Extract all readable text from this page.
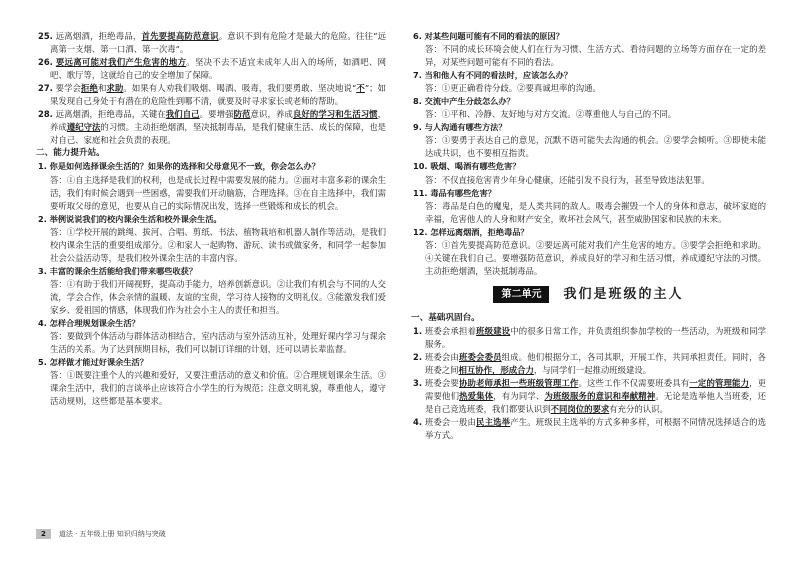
25. 远离烟酒，拒绝毒品，首先要提高防范意识。意识不到有危险才是最大的危险。往往“远离第一支烟、第一口酒、第一次毒”。

26. 要远离可能对我们产生危害的地方。坚决不去不适宜未成年人出入的场所，如酒吧、网吧、歌厅等，这就给自己的安全增加了保障。

27. 要学会拒绝和求助。如果有人劝我们吸烟、喝酒、吸毒，我们要勇敢、坚决地说“不”；如果发现自己身处于有潜在的危险性到哪不清，就要及时寻求家长或老师的帮助。

28. 远离烟酒，拒绝毒品，关键在我们自己。要增强防范意识，养成良好的学习和生活习惯，养成遵纪守法的习惯。主动拒绝烟酒，坚决抵制毒品，是我们健康生活、成长的保障，也是对自己、家庭和社会负责的表现。

二、能力提升站。

1. 你是如何选择课余生活的？如果你的选择和父母意见不一致，你会怎么办？

答：①自主选择是我们的权利，也是成长过程中需要发展的能力。②面对丰富多彩的课余生活，我们有时候会遇到一些困惑，需要我们开动脑筋，合理选择。③在自主选择中，我们需要听取父母的意见，也要从自己的实际情况出发，选择一些锻炼和成长的机会。

2. 举例说说我们的校内课余生活和校外课余生活。

答：①学校开展的跳绳、拔河、合唱、剪纸、书法、植物栽培和机器人制作等活动，是我们校内课余生活的重要组成部分。②和家人一起购物、游玩、读书或做家务，和同学一起参加社会公益活动等，是我们校外课余生活的丰富内容。

3. 丰富的课余生活能给我们带来哪些收获？

答：①有助于我们开阔视野，提高动手能力，培养创新意识。②让我们有机会与不同的人交流，学会合作，体会亲情的温暖、友谊的宝贵，学习待人接物的文明礼仪。③能激发我们爱家乡、爱祖国的情感，体现我们作为社会小主人的责任和担当。

4. 怎样合理规划课余生活？

答：要做到个体活动与群体活动相结合，室内活动与室外活动互补，处理好课内学习与课余生活的关系。为了达到预期目标，我们可以制订详细的计划，还可以请长辈监督。

5. 怎样做才能过好课余生活？

答：①既要注重个人的兴趣和爱好，又要注重活动的意义和价值。②合理规划课余生活。③课余生活中，我们的言谈举止应该符合小学生的行为规范；注意文明礼貌，尊重他人，遵守活动规则，这些都是基本要求。

6. 对某些问题可能有不同的看法的原因？

答：不同的成长环境会使人们在行为习惯、生活方式、看待问题的立场等方面存在一定的差异，对某些问题可能有不同的看法。

7. 当和他人有不同的看法时，应该怎么办？

答：①更正确看待分歧。②要真诚坦率的沟通。

8. 交流中产生分歧怎么办？

答：①平和、冷静、友好地与对方交流。②尊重他人与自己的不同。

9. 与人沟通有哪些方法？

答：①要勇于表达自己的意见，沉默不语可能失去沟通的机会。②要学会倾听。③即使未能达成共识，也不要相互指责。

10. 吸烟、喝酒有哪些危害？

答：不仅直接危害青少年身心健康，还能引发不良行为，甚至导致违法犯罪。

11. 毒品有哪些危害？

答：毒品是白色的魔鬼，是人类共同的敌人。吸毒会摧毁一个人的身体和意志，破坏家庭的幸福，危害他人的人身和财产安全，败坏社会风气，甚至威胁国家和民族的未来。

12. 怎样远离烟酒，拒绝毒品？

答：①首先要提高防范意识。②要远离可能对我们产生危害的地方。③要学会拒绝和求助。④关键在我们自己。要增强防范意识，养成良好的学习和生活习惯，养成遵纪守法的习惯。主动拒绝烟酒，坚决抵制毒品。

第二单元	我们是班级的主人

一、基础巩固台。

1. 班委会承担着班级建设中的很多日常工作，并负责组织参加学校的一些活动，为班级和同学服务。

2. 班委会由班委会委员组成。他们根据分工，各司其职，开展工作，共同承担责任。同时，各班委之间相互协作，形成合力，与同学们一起推动班级建设。

3. 班委会要协助老师承担一些班级管理工作。这些工作不仅需要班委具有一定的管理能力，更需要他们热爱集体，有为同学、为班级服务的意识和奉献精神。无论是选举他人当班委，还是自己竞选班委，我们都要认识到不同岗位的要求有充分的认识。

4. 班委会一般由民主选举产生。班级民主选举的方式多种多样，可根据不同情况选择适合的选举方式。

2	道法 · 五年级上册 知识归纳与突破
